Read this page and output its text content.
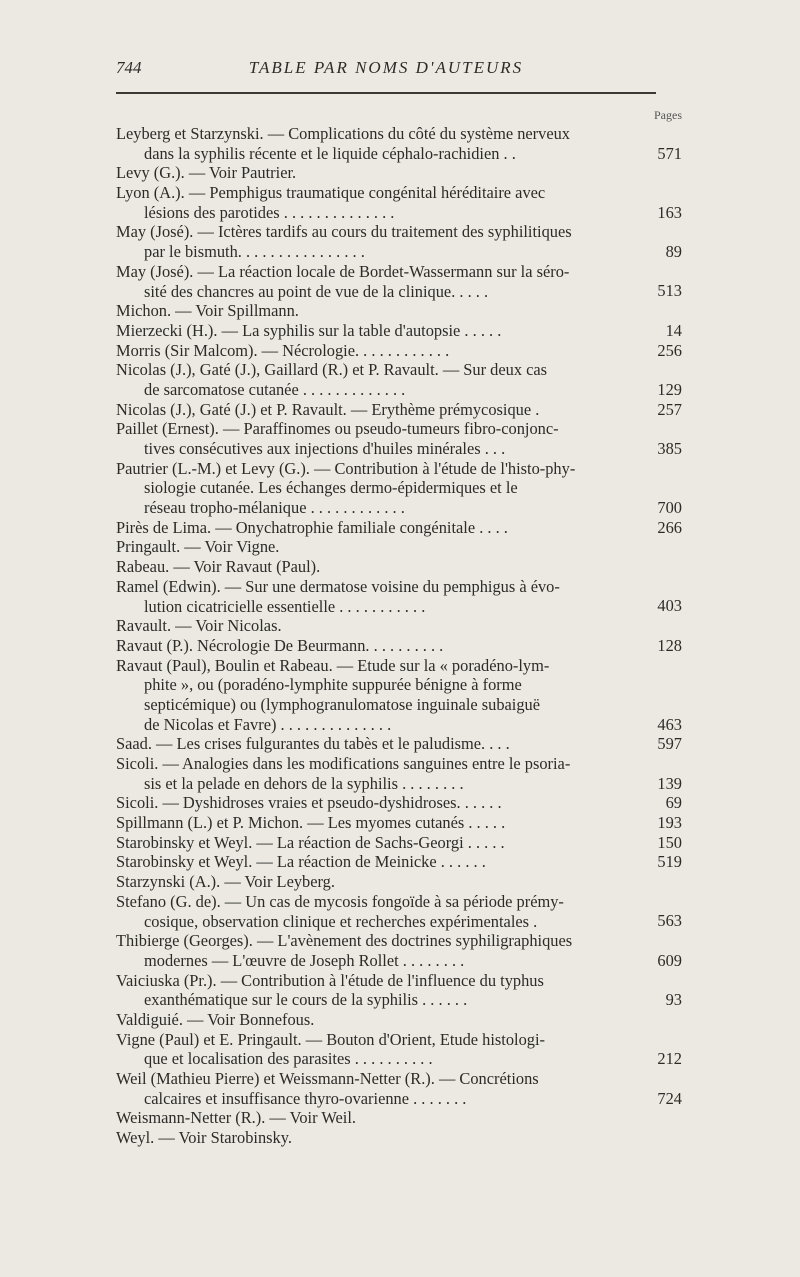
744	TABLE PAR NOMS D'AUTEURS
Pages
Leyberg et Starzynski. — Complications du côté du système nerveux
dans la syphilis récente et le liquide céphalo-rachidien . .	571
Levy (G.). — Voir Pautrier.
Lyon (A.). — Pemphigus traumatique congénital héréditaire avec
lésions des parotides . . . . . . . . . . . . . .	163
May (José). — Ictères tardifs au cours du traitement des syphilitiques
par le bismuth. . . . . . . . . . . . . . . .	89
May (José). — La réaction locale de Bordet-Wassermann sur la séro-
sité des chancres au point de vue de la clinique. . . . .	513
Michon. — Voir Spillmann.
Mierzecki (H.). — La syphilis sur la table d'autopsie . . . . .	14
Morris (Sir Malcom). — Nécrologie. . . . . . . . . . . .	256
Nicolas (J.), Gaté (J.), Gaillard (R.) et P. Ravault. — Sur deux cas
de sarcomatose cutanée . . . . . . . . . . . . .	129
Nicolas (J.), Gaté (J.) et P. Ravault. — Erythème prémycosique .	257
Paillet (Ernest). — Paraffinomes ou pseudo-tumeurs fibro-conjonc-
tives consécutives aux injections d'huiles minérales . . .	385
Pautrier (L.-M.) et Levy (G.). — Contribution à l'étude de l'histo-phy-
siologie cutanée. Les échanges dermo-épidermiques et le
réseau tropho-mélanique . . . . . . . . . . . .	700
Pirès de Lima. — Onychatrophie familiale congénitale . . . .	266
Pringault. — Voir Vigne.
Rabeau. — Voir Ravaut (Paul).
Ramel (Edwin). — Sur une dermatose voisine du pemphigus à évo-
lution cicatricielle essentielle . . . . . . . . . . .	403
Ravault. — Voir Nicolas.
Ravaut (P.). Nécrologie De Beurmann. . . . . . . . . .	128
Ravaut (Paul), Boulin et Rabeau. — Etude sur la « poradéno-lym-
phite », ou (poradéno-lymphite suppurée bénigne à forme
septicémique) ou (lymphogranulomatose inguinale subaiguë
de Nicolas et Favre) . . . . . . . . . . . . . .	463
Saad. — Les crises fulgurantes du tabès et le paludisme. . . .	597
Sicoli. — Analogies dans les modifications sanguines entre le psoria-
sis et la pelade en dehors de la syphilis . . . . . . . .	139
Sicoli. — Dyshidroses vraies et pseudo-dyshidroses. . . . . .	69
Spillmann (L.) et P. Michon. — Les myomes cutanés . . . . .	193
Starobinsky et Weyl. — La réaction de Sachs-Georgi . . . . .	150
Starobinsky et Weyl. — La réaction de Meinicke . . . . . .	519
Starzynski (A.). — Voir Leyberg.
Stefano (G. de). — Un cas de mycosis fongoïde à sa période prémy-
cosique, observation clinique et recherches expérimentales .	563
Thibierge (Georges). — L'avènement des doctrines syphiligraphiques
modernes — L'œuvre de Joseph Rollet . . . . . . . .	609
Vaiciuska (Pr.). — Contribution à l'étude de l'influence du typhus
exanthématique sur le cours de la syphilis . . . . . .	93
Valdiguié. — Voir Bonnefous.
Vigne (Paul) et E. Pringault. — Bouton d'Orient, Etude histologi-
que et localisation des parasites . . . . . . . . . .	212
Weil (Mathieu Pierre) et Weissmann-Netter (R.). — Concrétions
calcaires et insuffisance thyro-ovarienne . . . . . . .	724
Weismann-Netter (R.). — Voir Weil.
Weyl. — Voir Starobinsky.
